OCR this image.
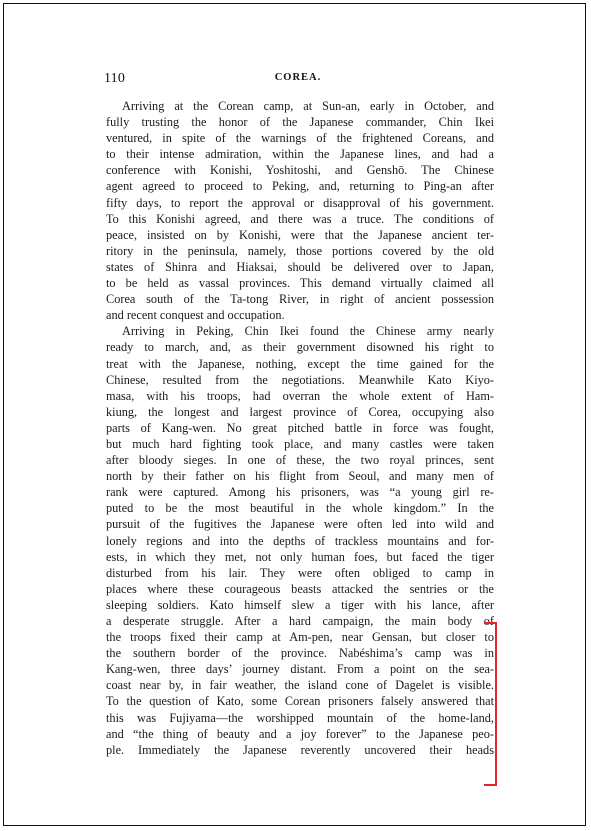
110	COREA.
Arriving at the Corean camp, at Sun-an, early in October, and
fully trusting the honor of the Japanese commander, Chin Ikei
ventured, in spite of the warnings of the frightened Coreans, and
to their intense admiration, within the Japanese lines, and had a
conference with Konishi, Yoshitoshi, and Genshō. The Chinese
agent agreed to proceed to Peking, and, returning to Ping-an after
fifty days, to report the approval or disapproval of his government.
To this Konishi agreed, and there was a truce. The conditions of
peace, insisted on by Konishi, were that the Japanese ancient ter-
ritory in the peninsula, namely, those portions covered by the old
states of Shinra and Hiaksai, should be delivered over to Japan,
to be held as vassal provinces. This demand virtually claimed all
Corea south of the Ta-tong River, in right of ancient possession
and recent conquest and occupation.
Arriving in Peking, Chin Ikei found the Chinese army nearly
ready to march, and, as their government disowned his right to
treat with the Japanese, nothing, except the time gained for the
Chinese, resulted from the negotiations. Meanwhile Kato Kiyo-
masa, with his troops, had overran the whole extent of Ham-
kiung, the longest and largest province of Corea, occupying also
parts of Kang-wen. No great pitched battle in force was fought,
but much hard fighting took place, and many castles were taken
after bloody sieges. In one of these, the two royal princes, sent
north by their father on his flight from Seoul, and many men of
rank were captured. Among his prisoners, was “a young girl re-
puted to be the most beautiful in the whole kingdom.” In the
pursuit of the fugitives the Japanese were often led into wild and
lonely regions and into the depths of trackless mountains and for-
ests, in which they met, not only human foes, but faced the tiger
disturbed from his lair. They were often obliged to camp in
places where these courageous beasts attacked the sentries or the
sleeping soldiers. Kato himself slew a tiger with his lance, after
a desperate struggle. After a hard campaign, the main body of
the troops fixed their camp at Am-pen, near Gensan, but closer to
the southern border of the province. Nabéshima’s camp was in
Kang-wen, three days’ journey distant. From a point on the sea-
coast near by, in fair weather, the island cone of Dagelet is visible.
To the question of Kato, some Corean prisoners falsely answered that
this was Fujiyama—the worshipped mountain of the home-land,
and “the thing of beauty and a joy forever” to the Japanese peo-
ple. Immediately the Japanese reverently uncovered their heads
